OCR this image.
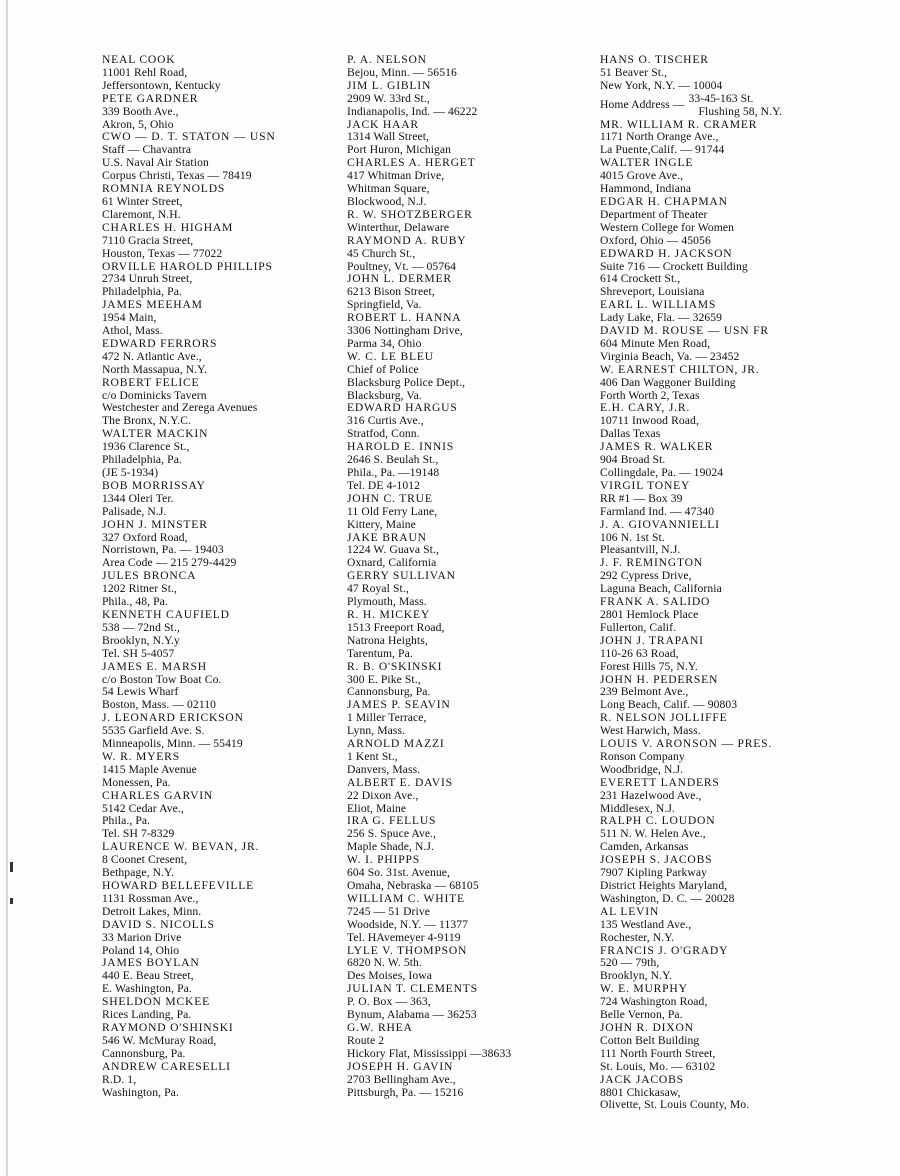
NEAL COOK
11001 Rehl Road,
Jeffersontown, Kentucky
PETE GARDNER
339 Booth Ave.,
Akron, 5, Ohio
CWO — D. T. STATON — USN
Staff — Chavantra
U.S. Naval Air Station
Corpus Christi, Texas — 78419
ROMNIA REYNOLDS
61 Winter Street,
Claremont, N.H.
CHARLES H. HIGHAM
7110 Gracia Street,
Houston, Texas — 77022
ORVILLE HAROLD PHILLIPS
2734 Unruh Street,
Philadelphia, Pa.
JAMES MEEHAM
1954 Main,
Athol, Mass.
EDWARD FERRORS
472 N. Atlantic Ave.,
North Massapua, N.Y.
ROBERT FELICE
c/o Dominicks Tavern
Westchester and Zerega Avenues
The Bronx, N.Y.C.
WALTER MACKIN
1936 Clarence St.,
Philadelphia, Pa.
(JE 5-1934)
BOB MORRISSAY
1344 Oleri Ter.
Palisade, N.J.
JOHN J. MINSTER
327 Oxford Road,
Norristown, Pa. — 19403
Area Code — 215 279-4429
JULES BRONCA
1202 Ritner St.,
Phila., 48, Pa.
KENNETH CAUFIELD
538 — 72nd St.,
Brooklyn, N.Y.y
Tel. SH 5-4057
JAMES E. MARSH
c/o Boston Tow Boat Co.
54 Lewis Wharf
Boston, Mass. — 02110
J. LEONARD ERICKSON
5535 Garfield Ave. S.
Minneapolis, Minn. — 55419
W. R. MYERS
1415 Maple Avenue
Monessen, Pa.
CHARLES GARVIN
5142 Cedar Ave.,
Phila., Pa.
Tel. SH 7-8329
LAURENCE W. BEVAN, JR.
8 Coonet Cresent,
Bethpage, N.Y.
HOWARD BELLEFEVILLE
1131 Rossman Ave.,
Detroit Lakes, Minn.
DAVID S. NICOLLS
33 Marion Drive
Poland 14, Ohio
JAMES BOYLAN
440 E. Beau Street,
E. Washington, Pa.
SHELDON MCKEE
Rices Landing, Pa.
RAYMOND O'SHINSKI
546 W. McMuray Road,
Cannonsburg, Pa.
ANDREW CARESELLI
R.D. 1,
Washington, Pa.
P. A. NELSON
Bejou, Minn. — 56516
JIM L. GIBLIN
2909 W. 33rd St.,
Indianapolis, Ind. — 46222
JACK HAAR
1314 Wall Street,
Port Huron, Michigan
CHARLES A. HERGET
417 Whitman Drive,
Whitman Square,
Blockwood, N.J.
R. W. SHOTZBERGER
Winterthur, Delaware
RAYMOND A. RUBY
45 Church St.,
Poultney, Vt. — 05764
JOHN L. DERMER
6213 Bison Street,
Springfield, Va.
ROBERT L. HANNA
3306 Nottingham Drive,
Parma 34, Ohio
W. C. LE BLEU
Chief of Police
Blacksburg Police Dept.,
Blacksburg, Va.
EDWARD HARGUS
316 Curtis Ave.,
Stratfod, Conn.
HAROLD E. INNIS
2646 S. Beulah St.,
Phila., Pa. —19148
Tel. DE 4-1012
JOHN C. TRUE
11 Old Ferry Lane,
Kittery, Maine
JAKE BRAUN
1224 W. Guava St.,
Oxnard, California
GERRY SULLIVAN
47 Royal St.,
Plymouth, Mass.
R. H. MICKEY
1513 Freeport Road,
Natrona Heights,
Tarentum, Pa.
R. B. O'SKINSKI
300 E. Pike St.,
Cannonsburg, Pa.
JAMES P. SEAVIN
1 Miller Terrace,
Lynn, Mass.
ARNOLD MAZZI
1 Kent St.,
Danvers, Mass.
ALBERT E. DAVIS
22 Dixon Ave.,
Eliot, Maine
IRA G. FELLUS
256 S. Spuce Ave.,
Maple Shade, N.J.
W. I. PHIPPS
604 So. 31st. Avenue,
Omaha, Nebraska — 68105
WILLIAM C. WHITE
7245 — 51 Drive
Woodside, N.Y. — 11377
Tel. HAvemeyer 4-9119
LYLE V. THOMPSON
6820 N. W. 5th.
Des Moises, Iowa
JULIAN T. CLEMENTS
P. O. Box — 363,
Bynum, Alabama — 36253
G.W. RHEA
Route 2
Hickory Flat, Mississippi —38633
JOSEPH H. GAVIN
2703 Bellingham Ave.,
Pittsburgh, Pa. — 15216
HANS O. TISCHER
51 Beaver St.,
New York, N.Y. — 10004
Home Address — 33-45-163 St.
Flushing 58, N.Y.
MR. WILLIAM R. CRAMER
1171 North Orange Ave.,
La Puente,Calif. — 91744
WALTER INGLE
4015 Grove Ave.,
Hammond, Indiana
EDGAR H. CHAPMAN
Department of Theater
Western College for Women
Oxford, Ohio — 45056
EDWARD H. JACKSON
Suite 716 — Crockett Building
614 Crockett St.,
Shreveport, Louisiana
EARL L. WILLIAMS
Lady Lake, Fla. — 32659
DAVID M. ROUSE — USN FR
604 Minute Men Road,
Virginia Beach, Va. — 23452
W. EARNEST CHILTON, JR.
406 Dan Waggoner Building
Forth Worth 2, Texas
E.H. CARY, J.R.
10711 Inwood Road,
Dallas Texas
JAMES R. WALKER
904 Broad St.
Collingdale, Pa. — 19024
VIRGIL TONEY
RR #1 — Box 39
Farmland Ind. — 47340
J. A. GIOVANNIELLI
106 N. 1st St.
Pleasantvill, N.J.
J. F. REMINGTON
292 Cypress Drive,
Laguna Beach, California
FRANK A. SALIDO
2801 Hemlock Place
Fullerton, Calif.
JOHN J. TRAPANI
110-26 63 Road,
Forest Hills 75, N.Y.
JOHN H. PEDERSEN
239 Belmont Ave.,
Long Beach, Calif. — 90803
R. NELSON JOLLIFFE
West Harwich, Mass.
LOUIS V. ARONSON — PRES.
Ronson Company
Woodbridge, N.J.
EVERETT LANDERS
231 Hazelwood Ave.,
Middlesex, N.J.
RALPH C. LOUDON
511 N. W. Helen Ave.,
Camden, Arkansas
JOSEPH S. JACOBS
7907 Kipling Parkway
District Heights Maryland,
Washington, D. C. — 20028
AL LEVIN
135 Westland Ave.,
Rochester, N.Y.
FRANCIS J. O'GRADY
520 — 79th,
Brooklyn, N.Y.
W. E. MURPHY
724 Washington Road,
Belle Vernon, Pa.
JOHN R. DIXON
Cotton Belt Building
111 North Fourth Street,
St. Louis, Mo. — 63102
JACK JACOBS
8801 Chickasaw,
Olivette, St. Louis County, Mo.
